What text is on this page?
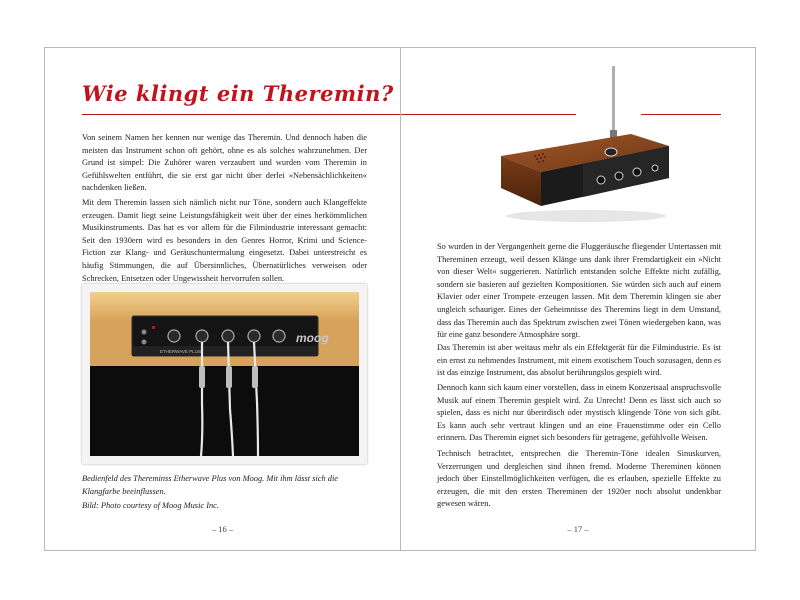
Wie klingt ein Theremin?

Von seinem Namen her kennen nur wenige das Theremin. Und dennoch haben die meisten das Instrument schon oft gehört, ohne es als solches wahrzunehmen. Der Grund ist simpel: Die Zuhörer waren verzaubert und wurden vom Theremin in Gefühlswelten entführt, die sie erst gar nicht über derlei »Nebensächlichkeiten« nachdenken ließen.

Mit dem Theremin lassen sich nämlich nicht nur Töne, sondern auch Klangeffekte erzeugen. Damit liegt seine Leistungsfähigkeit weit über der eines herkömmlichen Musikinstruments. Das hat es vor allem für die Filmindustrie interessant gemacht: Seit den 1930ern wird es besonders in den Genres Horror, Krimi und Science-Fiction zur Klang- und Geräuschuntermalung eingesetzt. Dabei unterstreicht es häufig Stimmungen, die auf Übersinnliches, Übernatürliches verweisen oder Schrecken, Entsetzen oder Ungewissheit hervorrufen sollen.

ETHERWAVE PLUS
moog

Bedienfeld des Thereminss Etherwave Plus von Moog. Mit ihm lässt sich die Klangfarbe beeinflussen.

Bild: Photo courtesy of Moog Music Inc.

– 16 –

So wurden in der Vergangenheit gerne die Fluggeräusche fliegender Untertassen mit Thereminen erzeugt, weil dessen Klänge uns dank ihrer Fremdartigkeit ein »Nicht von dieser Welt« suggerieren. Natürlich entstanden solche Effekte nicht zufällig, sondern sie basieren auf gezielten Kompositionen. Sie würden sich auch auf einem Klavier oder einer Trompete erzeugen lassen. Mit dem Theremin klingen sie aber ungleich schauriger. Eines der Geheimnisse des Theremins liegt in dem Umstand, dass das Theremin auch das Spektrum zwischen zwei Tönen wiedergeben kann, was für eine ganz besondere Atmosphäre sorgt.

Das Theremin ist aber weitaus mehr als ein Effektgerät für die Filmindustrie. Es ist ein ernst zu nehmendes Instrument, mit einem exotischem Touch sozusagen, denn es ist das einzige Instrument, das absolut berührungslos gespielt wird.

Dennoch kann sich kaum einer vorstellen, dass in einem Konzertsaal anspruchsvolle Musik auf einem Theremin gespielt wird. Zu Unrecht! Denn es lässt sich auch so spielen, dass es nicht nur überirdisch oder mystisch klingende Töne von sich gibt. Es kann auch sehr vertraut klingen und an eine Frauenstimme oder ein Cello erinnern. Das Theremin eignet sich besonders für getragene, gefühlvolle Weisen.

Technisch betrachtet, entsprechen die Theremin-Töne idealen Sinuskurven, Verzerrungen und dergleichen sind ihnen fremd. Moderne Thereminen können jedoch über Einstellmöglichkeiten verfügen, die es erlauben, spezielle Effekte zu erzeugen, die mit den ersten Thereminen der 1920er noch absolut undenkbar gewesen wären.

– 17 –
